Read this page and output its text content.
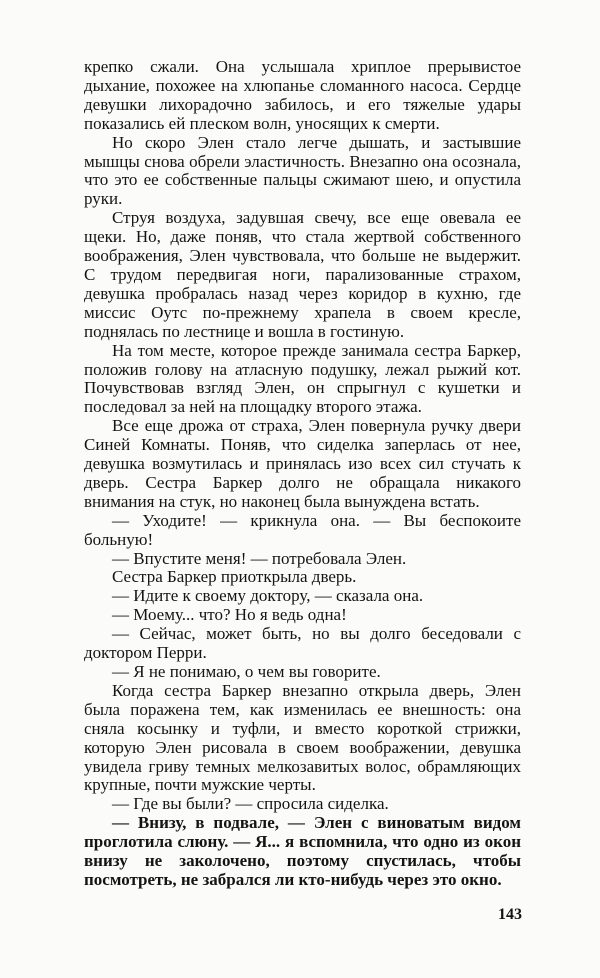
крепко сжали. Она услышала хриплое прерывистое дыхание, похожее на хлюпанье сломанного насоса. Сердце девушки лихорадочно забилось, и его тяжелые удары показались ей плеском волн, уносящих к смерти.

Но скоро Элен стало легче дышать, и застывшие мышцы снова обрели эластичность. Внезапно она осознала, что это ее собственные пальцы сжимают шею, и опустила руки.

Струя воздуха, задувшая свечу, все еще овевала ее щеки. Но, даже поняв, что стала жертвой собственного воображения, Элен чувствовала, что больше не выдержит. С трудом передвигая ноги, парализованные страхом, девушка пробралась назад через коридор в кухню, где миссис Оутс по-прежнему храпела в своем кресле, поднялась по лестнице и вошла в гостиную.

На том месте, которое прежде занимала сестра Баркер, положив голову на атласную подушку, лежал рыжий кот. Почувствовав взгляд Элен, он спрыгнул с кушетки и последовал за ней на площадку второго этажа.

Все еще дрожа от страха, Элен повернула ручку двери Синей Комнаты. Поняв, что сиделка заперлась от нее, девушка возмутилась и принялась изо всех сил стучать к дверь. Сестра Баркер долго не обращала никакого внимания на стук, но наконец была вынуждена встать.

— Уходите! — крикнула она. — Вы беспокоите больную!

— Впустите меня! — потребовала Элен.

Сестра Баркер приоткрыла дверь.

— Идите к своему доктору, — сказала она.

— Моему... что? Но я ведь одна!

— Сейчас, может быть, но вы долго беседовали с доктором Перри.

— Я не понимаю, о чем вы говорите.

Когда сестра Баркер внезапно открыла дверь, Элен была поражена тем, как изменилась ее внешность: она сняла косынку и туфли, и вместо короткой стрижки, которую Элен рисовала в своем воображении, девушка увидела гриву темных мелкозавитых волос, обрамляющих крупные, почти мужские черты.

— Где вы были? — спросила сиделка.

— Внизу, в подвале, — Элен с виноватым видом проглотила слюну. — Я... я вспомнила, что одно из окон внизу не заколочено, поэтому спустилась, чтобы посмотреть, не забрался ли кто-нибудь через это окно.

143
